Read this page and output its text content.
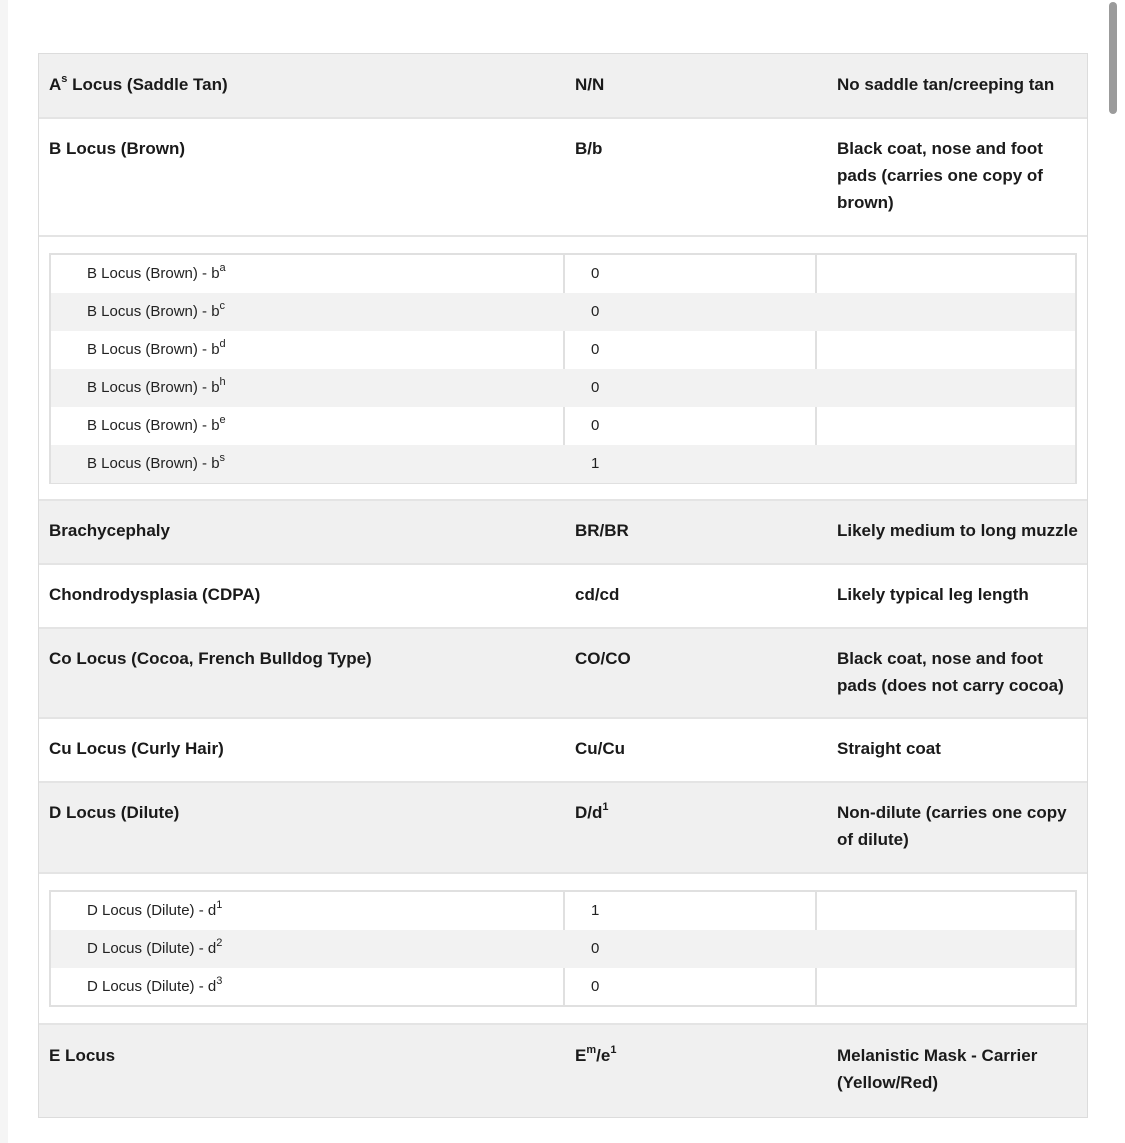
$A^s$ Locus (Saddle Tan)	N/N	No saddle tan/creeping tan
B Locus (Brown)	B/b	Black coat, nose and foot pads (carries one copy of brown)
B Locus (Brown) - $b^a$	0
B Locus (Brown) - $b^c$	0
B Locus (Brown) - $b^d$	0
B Locus (Brown) - $b^h$	0
B Locus (Brown) - $b^e$	0
B Locus (Brown) - $b^s$	1
Brachycephaly	BR/BR	Likely medium to long muzzle
Chondrodysplasia (CDPA)	cd/cd	Likely typical leg length
Co Locus (Cocoa, French Bulldog Type)	CO/CO	Black coat, nose and foot pads (does not carry cocoa)
Cu Locus (Curly Hair)	Cu/Cu	Straight coat
D Locus (Dilute)	$D/d^1$	Non-dilute (carries one copy of dilute)
D Locus (Dilute) - $d^1$	1
D Locus (Dilute) - $d^2$	0
D Locus (Dilute) - $d^3$	0
E Locus	$E^m/e^1$	Melanistic Mask - Carrier (Yellow/Red)
